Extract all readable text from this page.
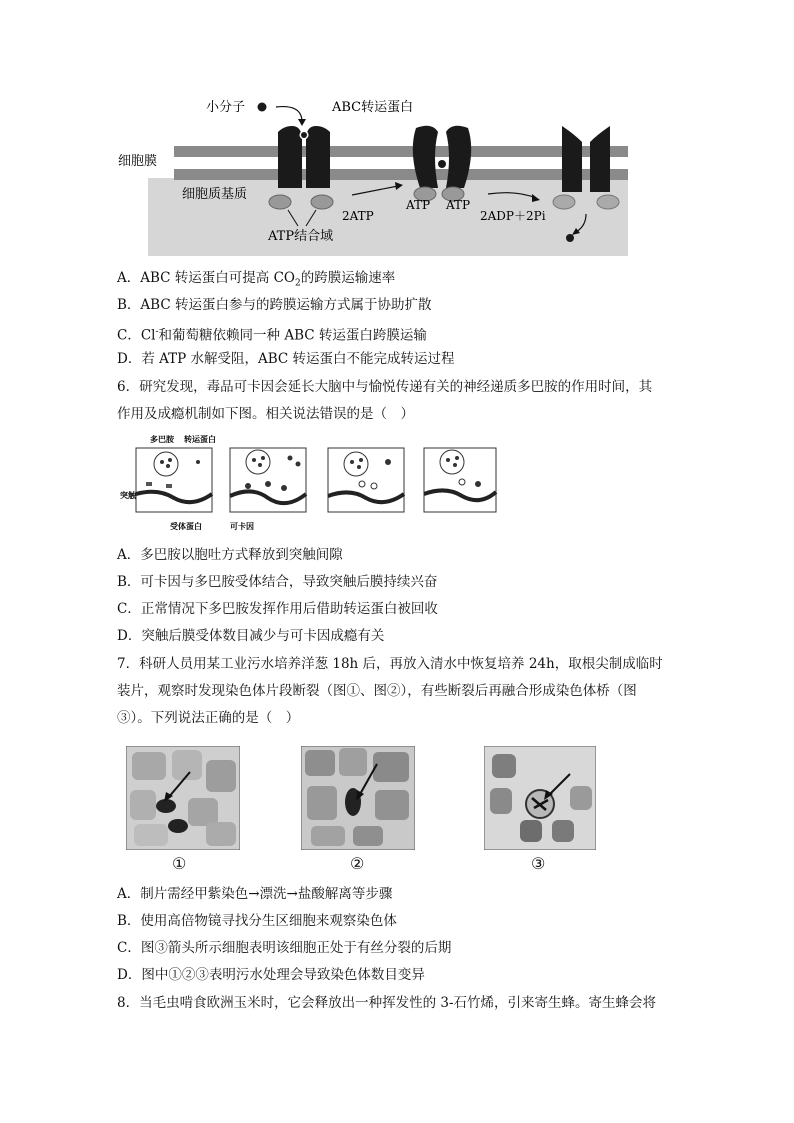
小分子	ABC转运蛋白
细胞膜
细胞质基质
2ATP
ATP ATP
2ADP＋2Pi
ATP结合域
A．ABC 转运蛋白可提高 $CO_2$的跨膜运输速率
B．ABC 转运蛋白参与的跨膜运输方式属于协助扩散
C．Cl-和葡萄糖依赖同一种 ABC 转运蛋白跨膜运输
D．若 ATP 水解受阻，ABC 转运蛋白不能完成转运过程
6．研究发现，毒品可卡因会延长大脑中与愉悦传递有关的神经递质多巴胺的作用时间，其
作用及成瘾机制如下图。相关说法错误的是（　）
多巴胺 转运蛋白
突触
受体蛋白	可卡因
A．多巴胺以胞吐方式释放到突触间隙
B．可卡因与多巴胺受体结合，导致突触后膜持续兴奋
C．正常情况下多巴胺发挥作用后借助转运蛋白被回收
D．突触后膜受体数目减少与可卡因成瘾有关
7．科研人员用某工业污水培养洋葱 18h 后，再放入清水中恢复培养 24h，取根尖制成临时
装片，观察时发现染色体片段断裂（图①、图②），有些断裂后再融合形成染色体桥（图
③）。下列说法正确的是（　）
①	②	③
A．制片需经甲紫染色→漂洗→盐酸解离等步骤
B．使用高倍物镜寻找分生区细胞来观察染色体
C．图③箭头所示细胞表明该细胞正处于有丝分裂的后期
D．图中①②③表明污水处理会导致染色体数目变异
8．当毛虫啃食欧洲玉米时，它会释放出一种挥发性的 3-石竹烯，引来寄生蜂。寄生蜂会将
